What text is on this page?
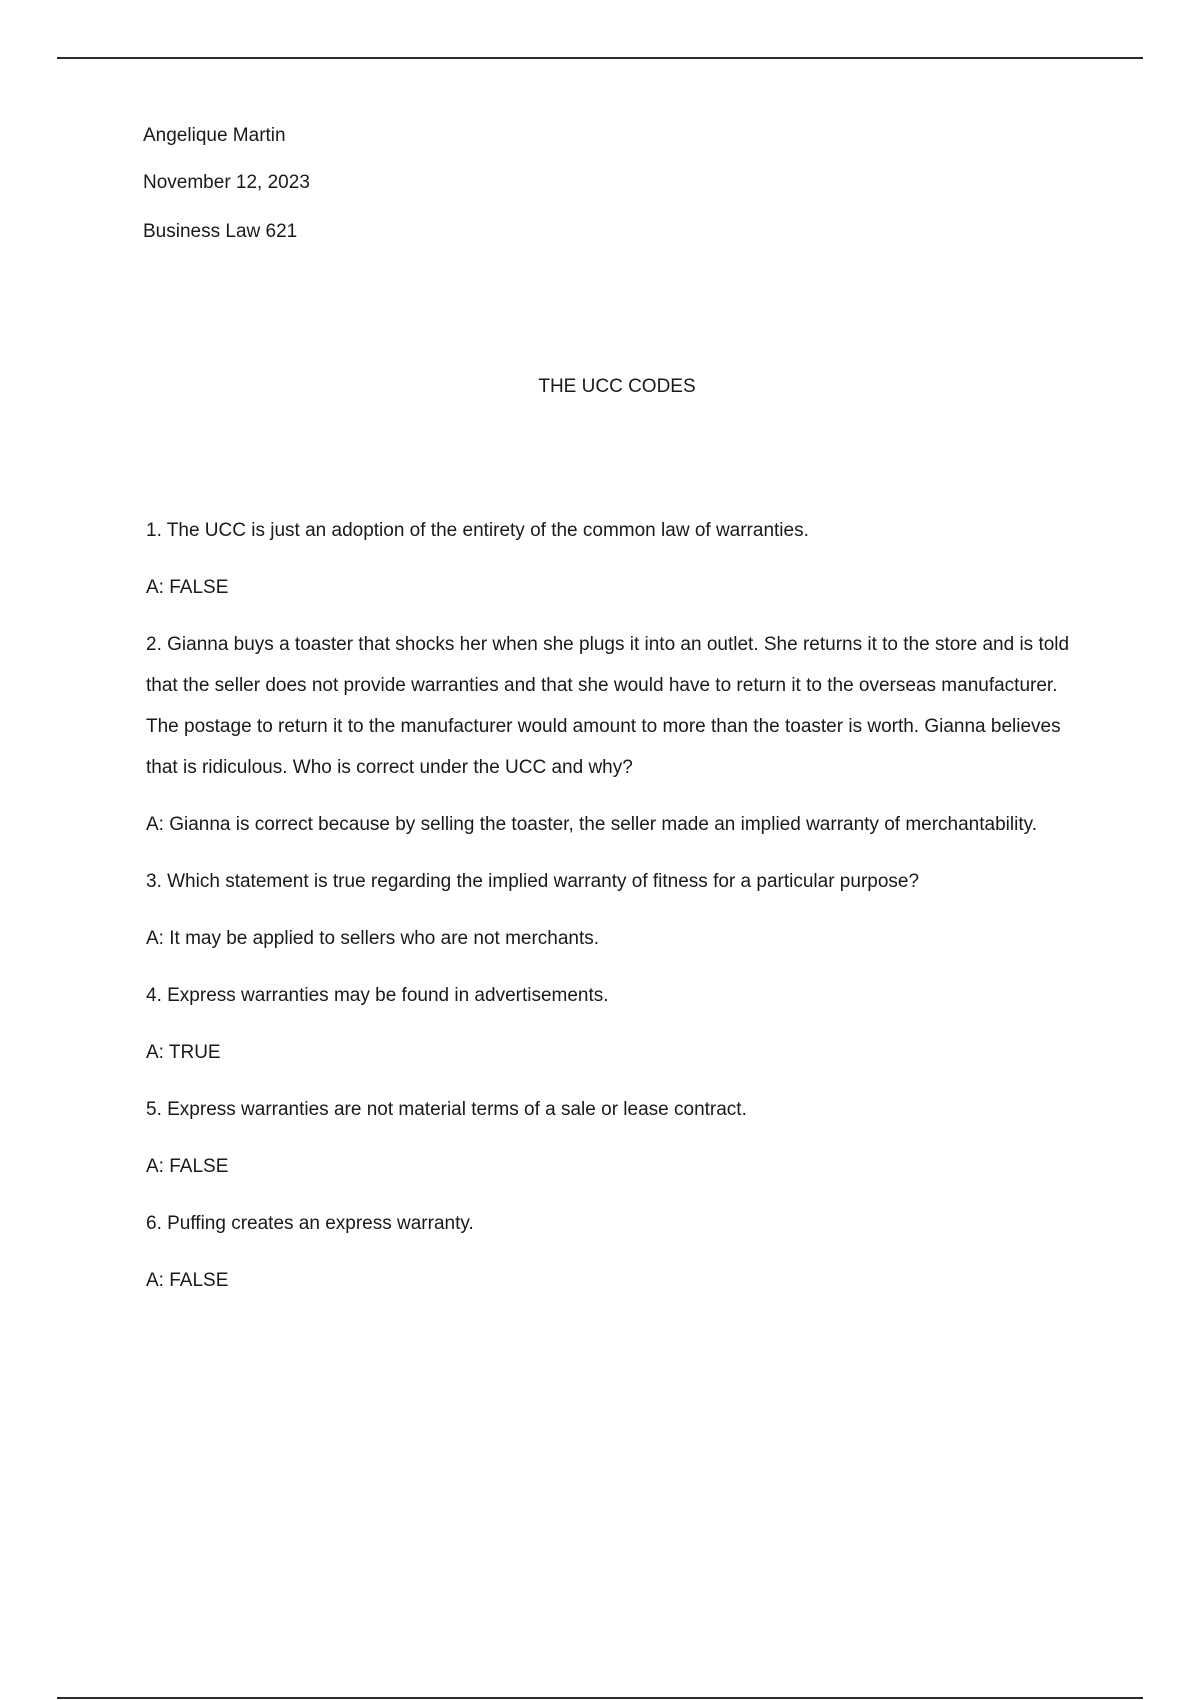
Angelique Martin

November 12, 2023

Business Law 621

THE UCC CODES

1. The UCC is just an adoption of the entirety of the common law of warranties.

A: FALSE

2. Gianna buys a toaster that shocks her when she plugs it into an outlet. She returns it to the store and is told that the seller does not provide warranties and that she would have to return it to the overseas manufacturer. The postage to return it to the manufacturer would amount to more than the toaster is worth. Gianna believes that is ridiculous. Who is correct under the UCC and why?

A: Gianna is correct because by selling the toaster, the seller made an implied warranty of merchantability.

3. Which statement is true regarding the implied warranty of fitness for a particular purpose?

A: It may be applied to sellers who are not merchants.

4. Express warranties may be found in advertisements.

A: TRUE

5. Express warranties are not material terms of a sale or lease contract.

A: FALSE

6. Puffing creates an express warranty.

A: FALSE
